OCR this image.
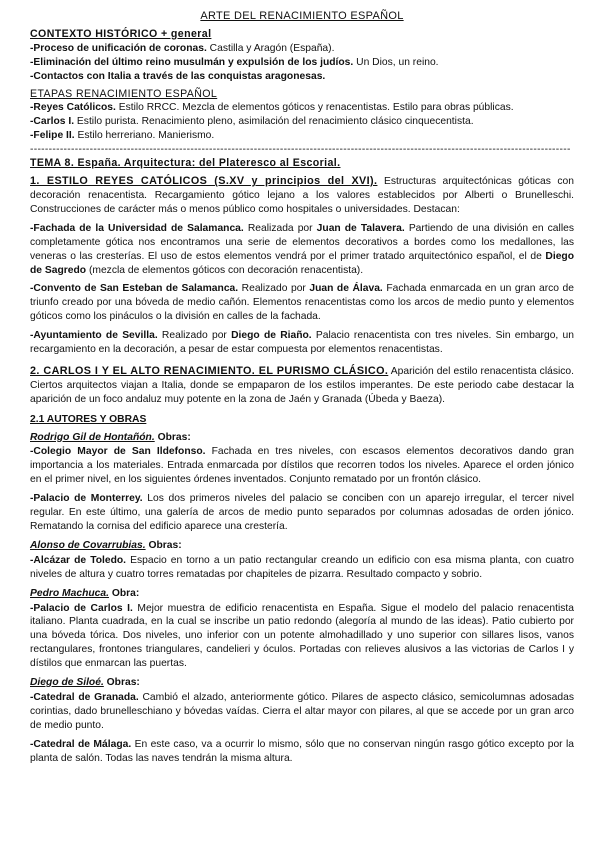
ARTE DEL RENACIMIENTO ESPAÑOL

CONTEXTO HISTÓRICO + general

-Proceso de unificación de coronas. Castilla y Aragón (España).

-Eliminación del último reino musulmán y expulsión de los judíos. Un Dios, un reino.

-Contactos con Italia a través de las conquistas aragonesas.

ETAPAS RENACIMIENTO ESPAÑOL

-Reyes Católicos. Estilo RRCC. Mezcla de elementos góticos y renacentistas. Estilo para obras públicas.

-Carlos I. Estilo purista. Renacimiento pleno, asimilación del renacimiento clásico cinquecentista.

-Felipe II. Estilo herreriano. Manierismo.

-------------------------------------------------------------------------------------------------------------------------------------------------

TEMA 8. España. Arquitectura: del Plateresco al Escorial.

1. ESTILO REYES CATÓLICOS (S.XV y principios del XVI). Estructuras arquitectónicas góticas con decoración renacentista. Recargamiento gótico lejano a los valores establecidos por Alberti o Brunelleschi. Construcciones de carácter más o menos público como hospitales o universidades. Destacan:

-Fachada de la Universidad de Salamanca. Realizada por Juan de Talavera. Partiendo de una división en calles completamente gótica nos encontramos una serie de elementos decorativos a bordes como los medallones, las veneras o las cresterías. El uso de estos elementos vendrá por el primer tratado arquitectónico español, el de Diego de Sagredo (mezcla de elementos góticos con decoración renacentista).

-Convento de San Esteban de Salamanca. Realizado por Juan de Álava. Fachada enmarcada en un gran arco de triunfo creado por una bóveda de medio cañón. Elementos renacentistas como los arcos de medio punto y elementos góticos como los pináculos o la división en calles de la fachada.

-Ayuntamiento de Sevilla. Realizado por Diego de Riaño. Palacio renacentista con tres niveles. Sin embargo, un recargamiento en la decoración, a pesar de estar compuesta por elementos renacentistas.

2. CARLOS I Y EL ALTO RENACIMIENTO. EL PURISMO CLÁSICO. Aparición del estilo renacentista clásico. Ciertos arquitectos viajan a Italia, donde se empaparon de los estilos imperantes. De este periodo cabe destacar la aparición de un foco andaluz muy potente en la zona de Jaén y Granada (Úbeda y Baeza).

2.1 AUTORES Y OBRAS

Rodrigo Gil de Hontañón. Obras:

-Colegio Mayor de San Ildefonso. Fachada en tres niveles, con escasos elementos decorativos dando gran importancia a los materiales. Entrada enmarcada por dístilos que recorren todos los niveles. Aparece el orden jónico en el primer nivel, en los siguientes órdenes inventados. Conjunto rematado por un frontón clásico.

-Palacio de Monterrey. Los dos primeros niveles del palacio se conciben con un aparejo irregular, el tercer nivel regular. En este último, una galería de arcos de medio punto separados por columnas adosadas de orden jónico. Rematando la cornisa del edificio aparece una crestería.

Alonso de Covarrubias. Obras:

-Alcázar de Toledo. Espacio en torno a un patio rectangular creando un edificio con esa misma planta, con cuatro niveles de altura y cuatro torres rematadas por chapiteles de pizarra. Resultado compacto y sobrio.

Pedro Machuca. Obra:

-Palacio de Carlos I. Mejor muestra de edificio renacentista en España. Sigue el modelo del palacio renacentista italiano. Planta cuadrada, en la cual se inscribe un patio redondo (alegoría al mundo de las ideas). Patio cubierto por una bóveda tórica. Dos niveles, uno inferior con un potente almohadillado y uno superior con sillares lisos, vanos rectangulares, frontones triangulares, candelieri y óculos. Portadas con relieves alusivos a las victorias de Carlos I y dístilos que enmarcan las puertas.

Diego de Siloé. Obras:

-Catedral de Granada. Cambió el alzado, anteriormente gótico. Pilares de aspecto clásico, semicolumnas adosadas corintias, dado brunelleschiano y bóvedas vaídas. Cierra el altar mayor con pilares, al que se accede por un gran arco de medio punto.

-Catedral de Málaga. En este caso, va a ocurrir lo mismo, sólo que no conservan ningún rasgo gótico excepto por la planta de salón. Todas las naves tendrán la misma altura.
